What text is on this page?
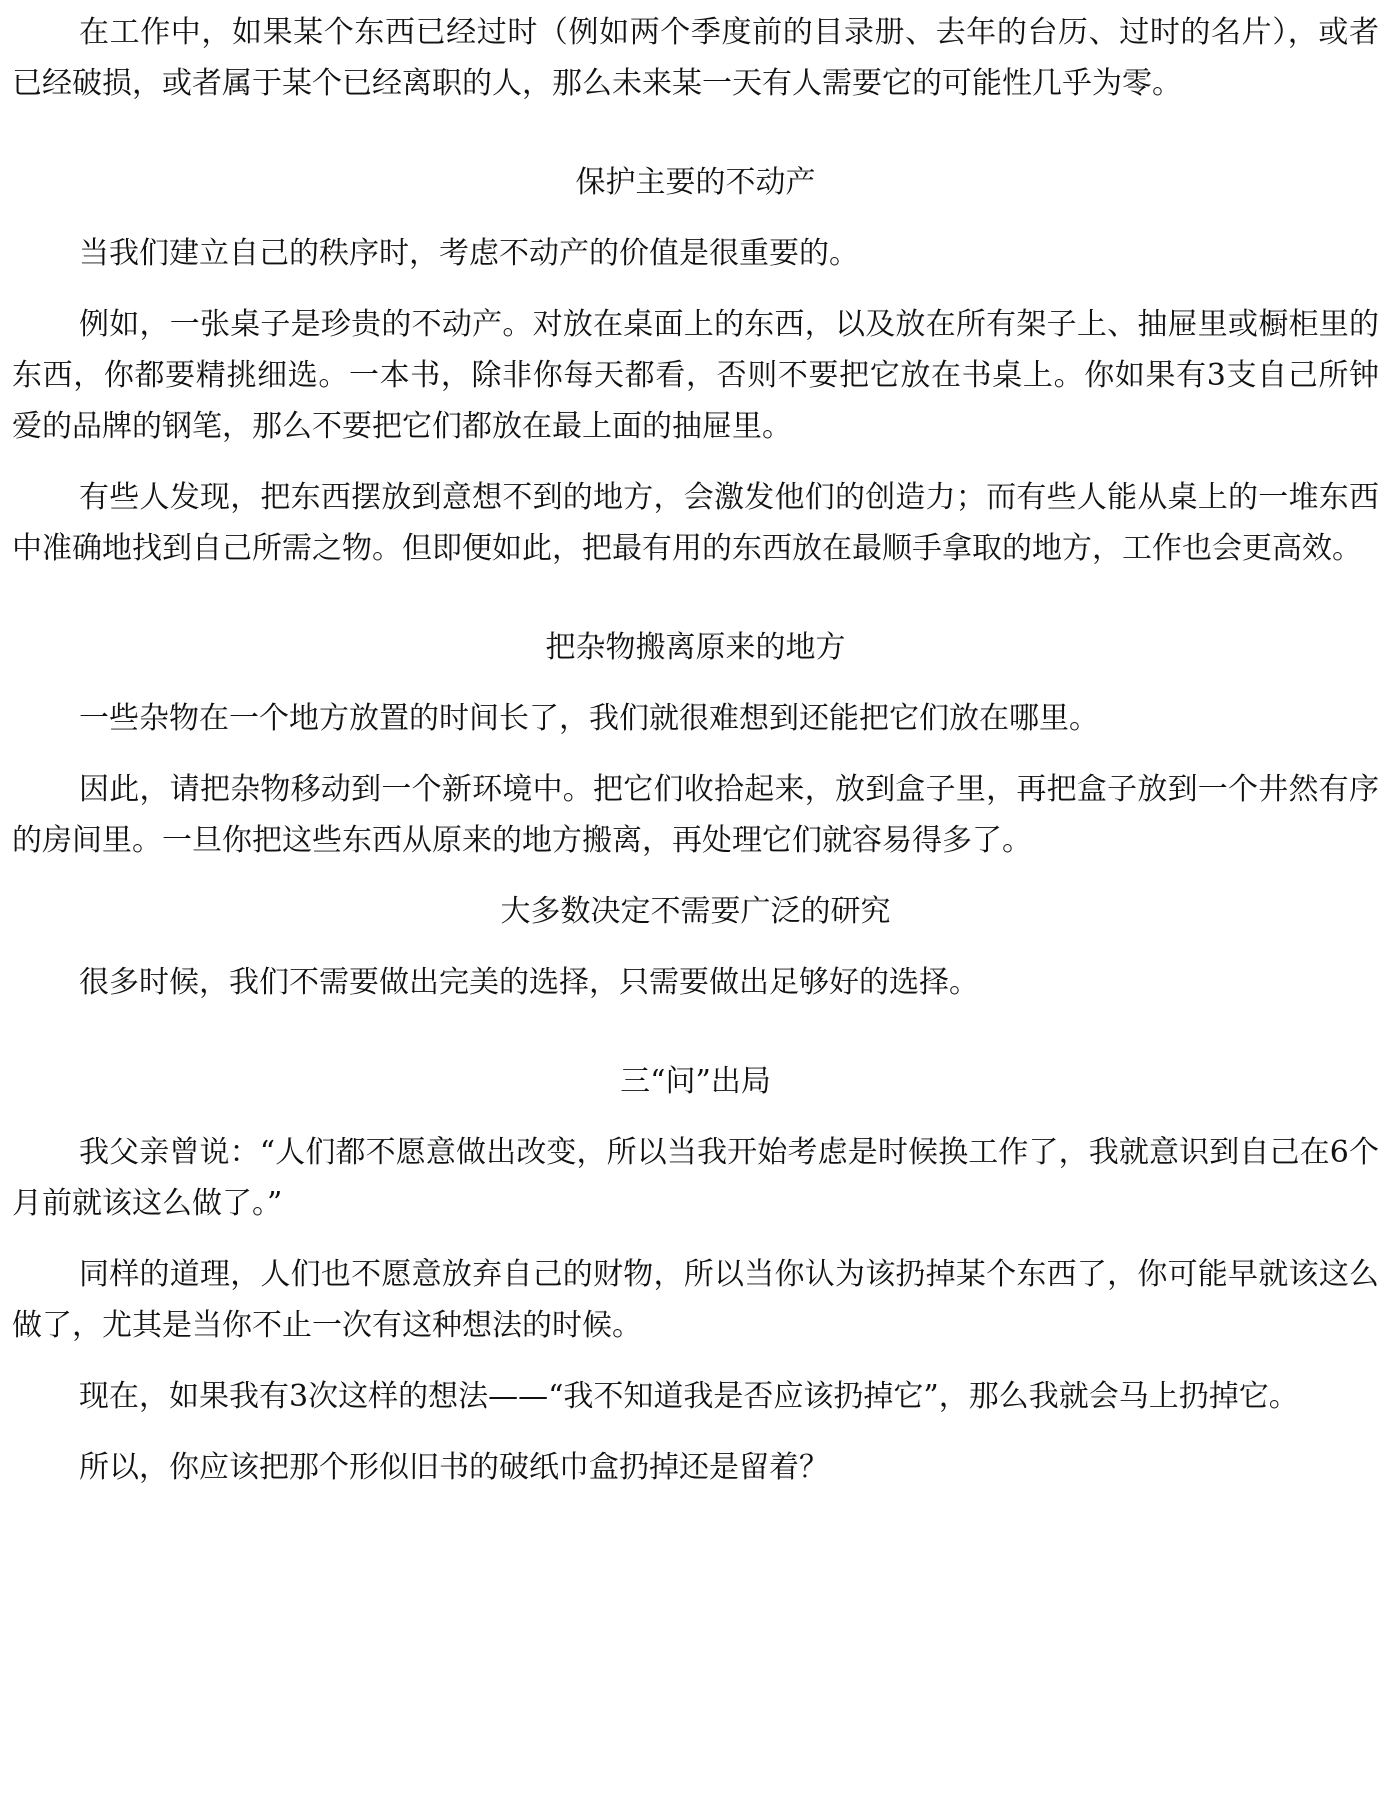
在工作中，如果某个东西已经过时（例如两个季度前的目录册、去年的台历、过时的名片），或者已经破损，或者属于某个已经离职的人，那么未来某一天有人需要它的可能性几乎为零。

保护主要的不动产

当我们建立自己的秩序时，考虑不动产的价值是很重要的。

例如，一张桌子是珍贵的不动产。对放在桌面上的东西，以及放在所有架子上、抽屉里或橱柜里的东西，你都要精挑细选。一本书，除非你每天都看，否则不要把它放在书桌上。你如果有3支自己所钟爱的品牌的钢笔，那么不要把它们都放在最上面的抽屉里。

有些人发现，把东西摆放到意想不到的地方，会激发他们的创造力；而有些人能从桌上的一堆东西中准确地找到自己所需之物。但即便如此，把最有用的东西放在最顺手拿取的地方，工作也会更高效。

把杂物搬离原来的地方

一些杂物在一个地方放置的时间长了，我们就很难想到还能把它们放在哪里。

因此，请把杂物移动到一个新环境中。把它们收拾起来，放到盒子里，再把盒子放到一个井然有序的房间里。一旦你把这些东西从原来的地方搬离，再处理它们就容易得多了。

大多数决定不需要广泛的研究

很多时候，我们不需要做出完美的选择，只需要做出足够好的选择。

三“问”出局

我父亲曾说：“人们都不愿意做出改变，所以当我开始考虑是时候换工作了，我就意识到自己在6个月前就该这么做了。”

同样的道理，人们也不愿意放弃自己的财物，所以当你认为该扔掉某个东西了，你可能早就该这么做了，尤其是当你不止一次有这种想法的时候。

现在，如果我有3次这样的想法——“我不知道我是否应该扔掉它”，那么我就会马上扔掉它。

所以，你应该把那个形似旧书的破纸巾盒扔掉还是留着？
